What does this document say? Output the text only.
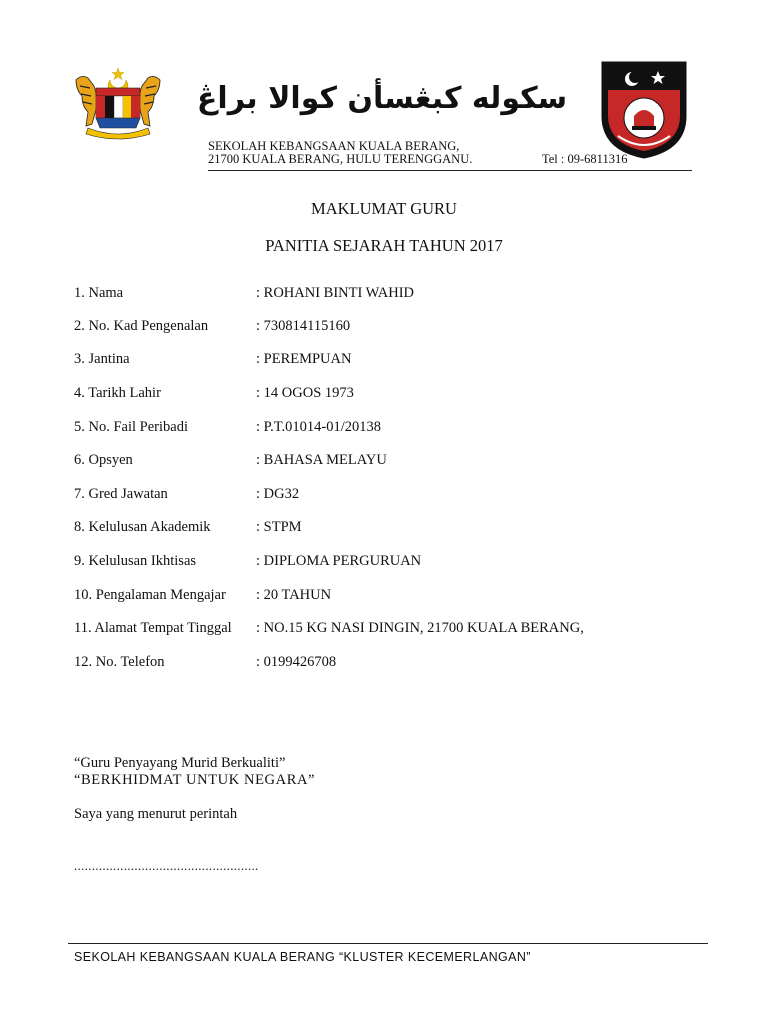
سکوله کبڠسأن کوالا براڠ
SEKOLAH KEBANGSAAN KUALA BERANG,
21700 KUALA BERANG, HULU TERENGGANU.	Tel : 09-6811316
MAKLUMAT GURU
PANITIA SEJARAH TAHUN 2017
1. Nama	: ROHANI BINTI WAHID
2. No. Kad Pengenalan	: 730814115160
3. Jantina	: PEREMPUAN
4. Tarikh Lahir	: 14 OGOS 1973
5. No. Fail Peribadi	: P.T.01014-01/20138
6. Opsyen	: BAHASA MELAYU
7. Gred Jawatan	: DG32
8. Kelulusan Akademik	: STPM
9. Kelulusan Ikhtisas	: DIPLOMA PERGURUAN
10. Pengalaman Mengajar : 20 TAHUN
11. Alamat Tempat Tinggal : NO.15 KG NASI DINGIN, 21700 KUALA BERANG,
12. No. Telefon	: 0199426708
“Guru Penyayang Murid Berkualiti”
“BERKHIDMAT UNTUK NEGARA”
Saya yang menurut perintah
....................................................
SEKOLAH KEBANGSAAN KUALA BERANG “KLUSTER KECEMERLANGAN”
